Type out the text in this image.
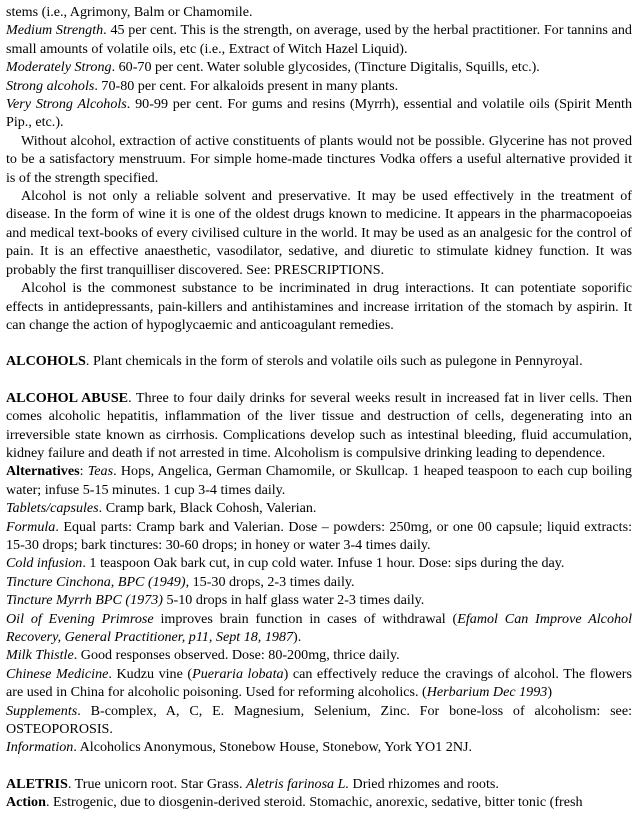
stems (i.e., Agrimony, Balm or Chamomile.

Medium Strength. 45 per cent. This is the strength, on average, used by the herbal practitioner. For tannins and small amounts of volatile oils, etc (i.e., Extract of Witch Hazel Liquid).

Moderately Strong. 60-70 per cent. Water soluble glycosides, (Tincture Digitalis, Squills, etc.).

Strong alcohols. 70-80 per cent. For alkaloids present in many plants.

Very Strong Alcohols. 90-99 per cent. For gums and resins (Myrrh), essential and volatile oils (Spirit Menth Pip., etc.).

Without alcohol, extraction of active constituents of plants would not be possible. Glycerine has not proved to be a satisfactory menstruum. For simple home-made tinctures Vodka offers a useful alternative provided it is of the strength specified.

Alcohol is not only a reliable solvent and preservative. It may be used effectively in the treatment of disease. In the form of wine it is one of the oldest drugs known to medicine. It appears in the pharmacopoeias and medical text-books of every civilised culture in the world. It may be used as an analgesic for the control of pain. It is an effective anaesthetic, vasodilator, sedative, and diuretic to stimulate kidney function. It was probably the first tranquilliser discovered. See: PRESCRIPTIONS.

Alcohol is the commonest substance to be incriminated in drug interactions. It can potentiate soporific effects in antidepressants, pain-killers and antihistamines and increase irritation of the stomach by aspirin. It can change the action of hypoglycaemic and anticoagulant remedies.

ALCOHOLS. Plant chemicals in the form of sterols and volatile oils such as pulegone in Pennyroyal.

ALCOHOL ABUSE. Three to four daily drinks for several weeks result in increased fat in liver cells. Then comes alcoholic hepatitis, inflammation of the liver tissue and destruction of cells, degenerating into an irreversible state known as cirrhosis. Complications develop such as intestinal bleeding, fluid accumulation, kidney failure and death if not arrested in time. Alcoholism is compulsive drinking leading to dependence.

Alternatives: Teas. Hops, Angelica, German Chamomile, or Skullcap. 1 heaped teaspoon to each cup boiling water; infuse 5-15 minutes. 1 cup 3-4 times daily.

Tablets/capsules. Cramp bark, Black Cohosh, Valerian.

Formula. Equal parts: Cramp bark and Valerian. Dose – powders: 250mg, or one 00 capsule; liquid extracts: 15-30 drops; bark tinctures: 30-60 drops; in honey or water 3-4 times daily.

Cold infusion. 1 teaspoon Oak bark cut, in cup cold water. Infuse 1 hour. Dose: sips during the day.

Tincture Cinchona, BPC (1949), 15-30 drops, 2-3 times daily.

Tincture Myrrh BPC (1973) 5-10 drops in half glass water 2-3 times daily.

Oil of Evening Primrose improves brain function in cases of withdrawal (Efamol Can Improve Alcohol Recovery, General Practitioner, p11, Sept 18, 1987).

Milk Thistle. Good responses observed. Dose: 80-200mg, thrice daily.

Chinese Medicine. Kudzu vine (Pueraria lobata) can effectively reduce the cravings of alcohol. The flowers are used in China for alcoholic poisoning. Used for reforming alcoholics. (Herbarium Dec 1993)

Supplements. B-complex, A, C, E. Magnesium, Selenium, Zinc. For bone-loss of alcoholism: see: OSTEOPOROSIS.

Information. Alcoholics Anonymous, Stonebow House, Stonebow, York YO1 2NJ.

ALETRIS. True unicorn root. Star Grass. Aletris farinosa L. Dried rhizomes and roots.

Action. Estrogenic, due to diosgenin-derived steroid. Stomachic, anorexic, sedative, bitter tonic (fresh
